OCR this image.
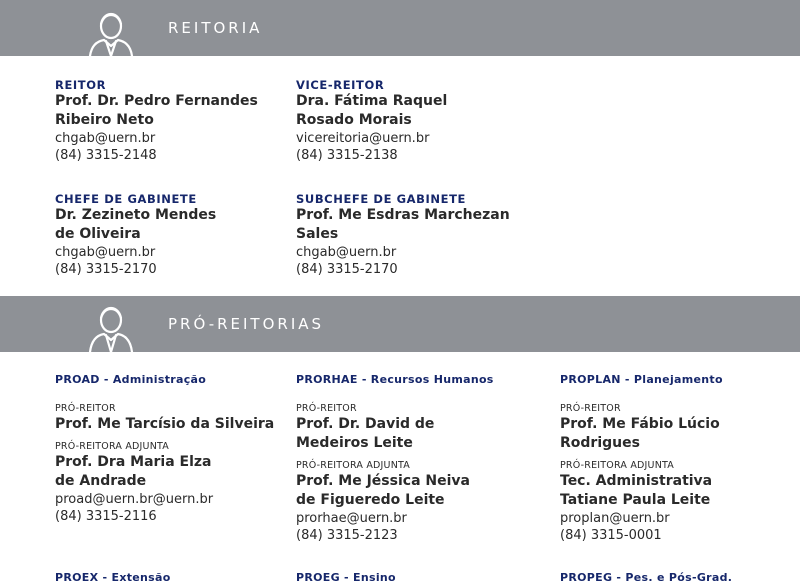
REITORIA
REITOR
Prof. Dr. Pedro Fernandes
Ribeiro Neto
chgab@uern.br
(84) 3315-2148
VICE-REITOR
Dra. Fátima Raquel
Rosado Morais
vicereitoria@uern.br
(84) 3315-2138
CHEFE DE GABINETE
Dr. Zezineto Mendes
de Oliveira
chgab@uern.br
(84) 3315-2170
SUBCHEFE DE GABINETE
Prof. Me Esdras Marchezan
Sales
chgab@uern.br
(84) 3315-2170
PRÓ-REITORIAS
PROAD - Administração
PRÓ-REITOR
Prof. Me Tarcísio da Silveira
PRÓ-REITORA ADJUNTA
Prof. Dra Maria Elza
de Andrade
proad@uern.br@uern.br
(84) 3315-2116
PRORHAE - Recursos Humanos
PRÓ-REITOR
Prof. Dr. David de
Medeiros Leite
PRÓ-REITORA ADJUNTA
Prof. Me Jéssica Neiva
de Figueredo Leite
prorhae@uern.br
(84) 3315-2123
PROPLAN - Planejamento
PRÓ-REITOR
Prof. Me Fábio Lúcio
Rodrigues
PRÓ-REITORA ADJUNTA
Tec. Administrativa
Tatiane Paula Leite
proplan@uern.br
(84) 3315-0001
PROEX - Extensão	PROEG - Ensino	PROPEG - Pes. e Pós-Grad.
